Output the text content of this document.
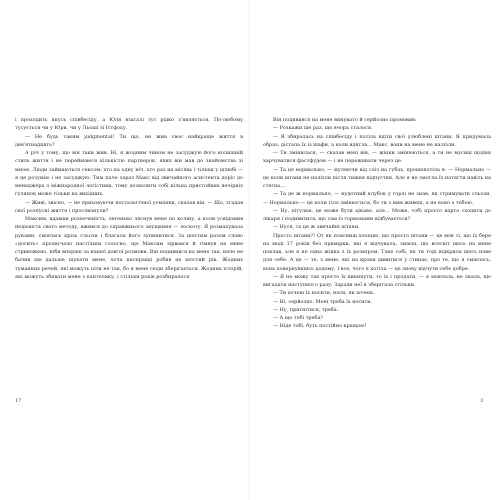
і проходить якусь співбесіду, а Юля взагалі тут рідко з'являється. По-любому тусується чи у Юри, чи у Льоші зі Істфоху.

— Не будь таким judgmental! Ти що, не жив своє найкраще життя в дев'ятнадцять?

А річ у тому, що він таки жив. Ні, я жодним чином не засуджую його колишній стиль життя і не переймаюся кількістю партнерок, яких він мав до знайомства зі мною. Люди займаються сексом: хто на одну ніч, хто раз на місяць і тільки у шлюбі — я це розумію і не засуджую. Тим паче зараз Макс від звичайного асистента доріс до менеджера з міжнародної логістики, тому дозволити собі кілька пристойних вечірніх гулянок може тільки на вихідних.

— Живі, звісно, — не приховуючи ностальгічної усмішки, сказав він. — Що, згадав свої розпусні життя і прослизнули?

Максим, вдавши розпеченість, легенько ляснув мене по коліну, а коли усвідомив недієвість свого методу, вжився до справжнього знущання — лоскоту. Я розмахувала руками, сміялась крізь сльози і благала його зупинитися. За шостим разом слово «досить» прозвучало настільки голосно, що Максим зірвався й гімнув на мене стривожено, ніби вперше за нашої довгої розмови. Він подивився на мене так, наче не бачив ще дальше шукати мене, хоча насправді робив це шостий рік. Жодних туманних речей, які можуть піти не так, бо я мене сюди зберігається. Жодних історій, які можуть збивати мене з пантелику, і стільки років розбиралося

Він подивився на мене винувато й серйозно промовив:

— Розкажи ще раз, що вчора сталося.

— Я збиралась на співбесіду і потіла вдіти свої улюблені штани. Я придумала образ, дістала їх із шафи, а коли вдягла... Макс, вони на мене не налізли.

— Ти змінилася, — сказав мені він, — жінки змінюються, а ти не мусиш щодня харчуватися фастфудом — і не переживати через це.

— Та це нормально, — муляючи від сліз на губах, прошепотіла я. — Нормально — це коли штани не налізли після тижня відпустки. Але я не змогла їх натягти навіть на стегна...

— Та де ж нормально, — нудотний клубок у горлі не знав, як стримувати сльози. — Нормально — це коли тіло змінюється, бо ти з ним живеш, а не воно з тобою.

— Ну, пігулки, це може бути цікаво, але... Може, тобі просто варто сходити до лікаря і подивитися, що там із гормонами відбувається?

— Нуся, та це ж звичайні штани.

Просто штани?! От як поясниш хлопцю, що просто штани — це мов ті, що їх бере на моді 17 років без примірки, які я відчувала, знаєш, що всесвіт щось на мене поклав, але я не одна жінка з їх розміром. Таке собі, як ти тоді відкрила щось нове для себе. А це — те, з мене, які на кроки дивитися у стинає, про те, що я сміялась, вона повернувшись додому. І все, чого я хотіла — це знову відчути себе добре.

— Я не можу так просто їх викинути, то їх і продати, — я мовчала, не знала, що вигадати наступного разу. Заради неї я зберігала стільки.

— Ти хочеш їх носити, носи, як хочеш.

— Ні, серйозно. Мені треба їх носити.

— Ну, пригнітися, треба.

— А що тобі треба?

— Ніде тобі, буть постійно кращою!

17	3
